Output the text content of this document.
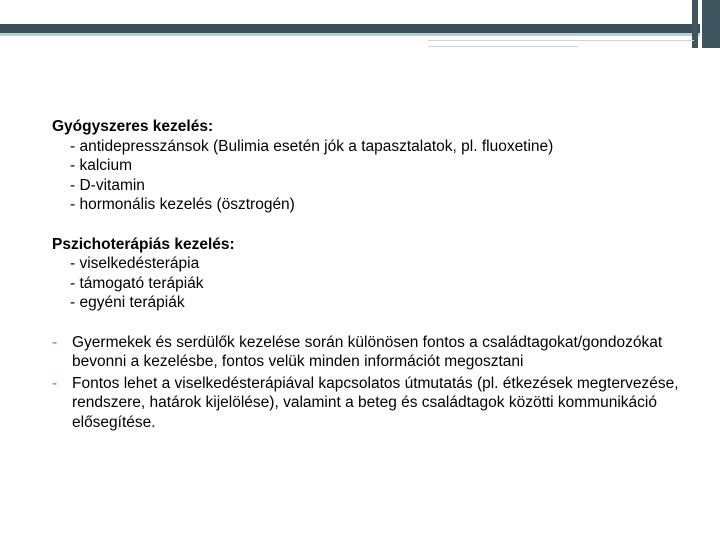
Gyógyszeres kezelés:
- antidepresszánsok (Bulimia esetén jók a tapasztalatok, pl. fluoxetine)
- kalcium
- D-vitamin
- hormonális kezelés (ösztrogén)
Pszichoterápiás kezelés:
- viselkedésterápia
- támogató terápiák
- egyéni terápiák
- Gyermekek és serdülők kezelése során különösen fontos a családtagokat/gondozókat bevonni a kezelésbe, fontos velük minden információt megosztani
- Fontos lehet a viselkedésterápiával kapcsolatos útmutatás (pl. étkezések megtervezése, rendszere, határok kijelölése), valamint a beteg és családtagok közötti kommunikáció elősegítése.
